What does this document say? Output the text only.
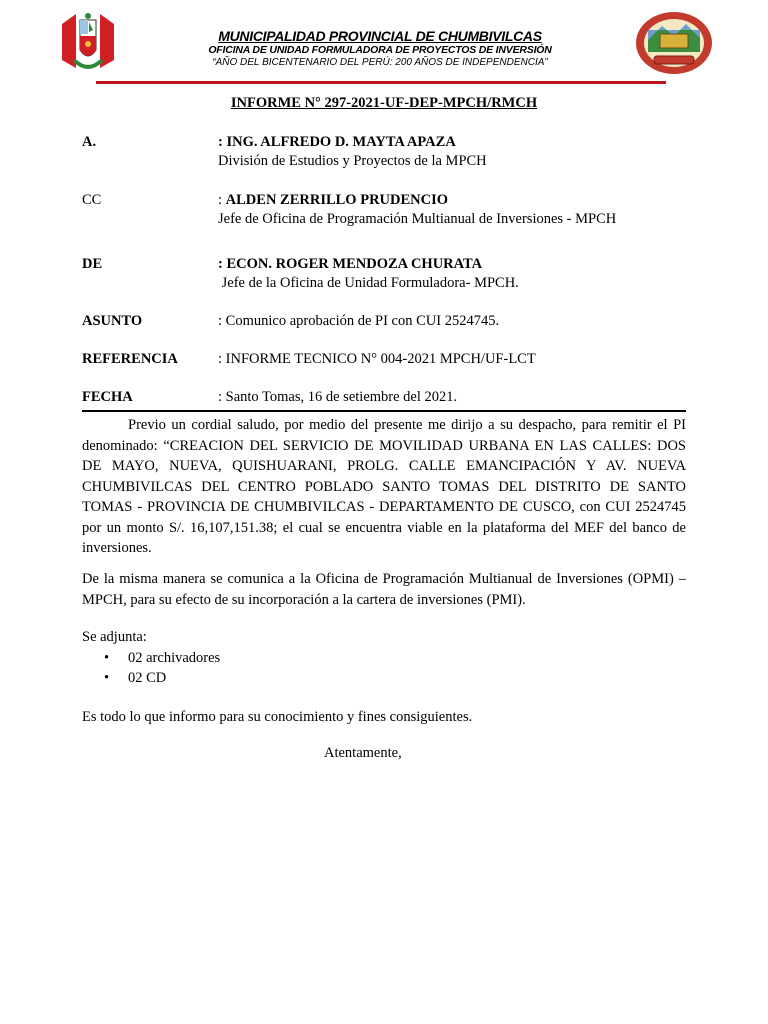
MUNICIPALIDAD PROVINCIAL DE CHUMBIVILCAS
OFICINA DE UNIDAD FORMULADORA DE PROYECTOS DE INVERSIÓN
“AÑO DEL BICENTENARIO DEL PERÚ: 200 AÑOS DE INDEPENDENCIA”
INFORME N° 297-2021-UF-DEP-MPCH/RMCH
A.	: ING. ALFREDO D. MAYTA APAZA
División de Estudios y Proyectos de la MPCH
CC	: ALDEN ZERRILLO PRUDENCIO
Jefe de Oficina de Programación Multianual de Inversiones - MPCH
DE	: ECON. ROGER MENDOZA CHURATA
Jefe de la Oficina de Unidad Formuladora- MPCH.
ASUNTO	: Comunico aprobación de PI con CUI 2524745.
REFERENCIA	: INFORME TECNICO N° 004-2021 MPCH/UF-LCT
FECHA	: Santo Tomas, 16 de setiembre del 2021.
Previo un cordial saludo, por medio del presente me dirijo a su despacho, para remitir el PI denominado: “CREACION DEL SERVICIO DE MOVILIDAD URBANA EN LAS CALLES: DOS DE MAYO, NUEVA, QUISHUARANI, PROLG. CALLE EMANCIPACIÓN Y AV. NUEVA CHUMBIVILCAS DEL CENTRO POBLADO SANTO TOMAS DEL DISTRITO DE SANTO TOMAS - PROVINCIA DE CHUMBIVILCAS - DEPARTAMENTO DE CUSCO, con CUI 2524745 por un monto S/. 16,107,151.38; el cual se encuentra viable en la plataforma del MEF del banco de inversiones.
De la misma manera se comunica a la Oficina de Programación Multianual de Inversiones (OPMI) – MPCH, para su efecto de su incorporación a la cartera de inversiones (PMI).
Se adjunta:
• 02 archivadores
• 02 CD
Es todo lo que informo para su conocimiento y fines consiguientes.
Atentamente,
